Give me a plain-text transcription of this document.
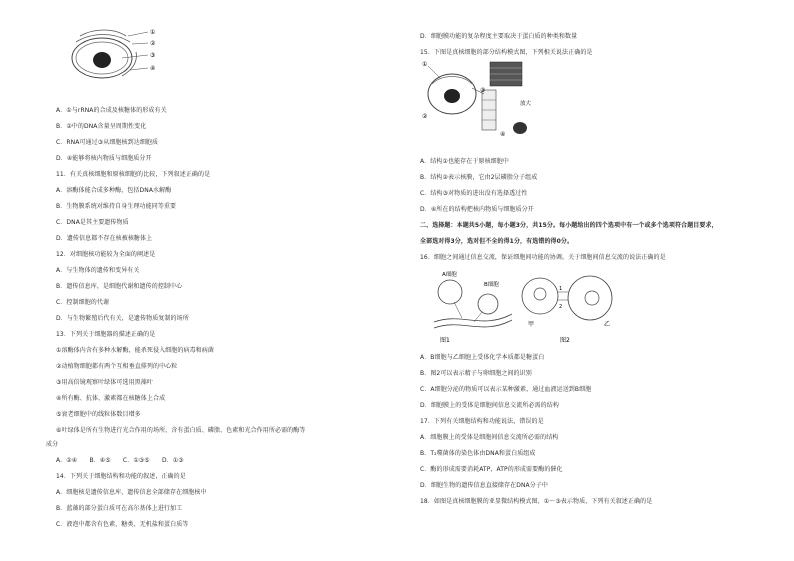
①
②
③
④
A．①与rRNA的合成及核糖体的形成有关
B．②中的DNA含量呈周期性变化
C．RNA可通过③从细胞核到达细胞质
D．④能够将核内物质与细胞质分开
11．有关真核细胞和原核细胞的比较，下列叙述正确的是
A．溶酶体能合成多种酶，包括DNA水解酶
B．生物膜系统对维持自身生理功能同等重要
C．DNA是其主要遗传物质
D．遗传信息都不存在核被核糖体上
12．对细胞核功能较为全面的阐述是
A．与生物体的遗传和变异有关
B．遗传信息库，是细胞代谢和遗传的控制中心
C．控制细胞的代谢
D．与生物繁殖后代有关，是遗传物质复制的场所
13．下列关于细胞器的描述正确的是
①溶酶体内含有多种水解酶，能杀死侵入细胞的病毒和病菌
②动植物细胞都有两个互相垂直排列的中心粒
③用高倍镜观察叶绿体可选用黑藻叶
④所有酶、抗体、激素都在核糖体上合成
⑤衰老细胞中的线粒体数目增多
⑥叶绿体是所有生物进行光合作用的场所，含有蛋白质、磷脂、色素和光合作用所必需的酶等
成分
A．②④　　B．④⑤　　C．①③⑤　　D．①③
14．下列关于细胞结构和功能的叙述，正确的是
A．细胞核是遗传信息库，遗传信息全部储存在细胞核中
B．蓝藻的部分蛋白质可在高尔基体上进行加工
C．液泡中都含有色素、糖类、无机盐和蛋白质等
D．细胞膜功能的复杂程度主要取决于蛋白质的种类和数量
15．下图是真核细胞的部分结构模式图，下列相关说法正确的是
①
②
放大
③
④
A．结构①也能存在于原核细胞中
B．结构②表示核膜，它由2层磷脂分子组成
C．结构③对物质的进出没有选择透过性
D．④所在的结构把核内物质与细胞质分开
二、选择题：本题共5小题，每小题3分，共15分。每小题给出的四个选项中有一个或多个选项符合题目要求，
全部选对得3分，选对但不全的得1分，有选错的得0分。
16．细胞之间通过信息交流，保证细胞间功能的协调。关于细胞间信息交流的说法正确的是
A细胞
B细胞
图1
1
2
甲	乙
图2
A．B细胞与乙细胞上受体化学本质都是糖蛋白
B．图2可以表示精子与卵细胞之间的识别
C．A细胞分泌的物质可以表示某种激素，通过血液运送到B细胞
D．细胞膜上的受体是细胞间信息交流所必需的结构
17．下列有关细胞结构和功能说法，错误的是
A．细胞膜上的受体是细胞间信息交流所必需的结构
B．T₂噬菌体的染色体由DNA和蛋白质组成
C．酶的形成需要消耗ATP，ATP的形成需要酶的催化
D．细胞生物的遗传信息直接储存在DNA分子中
18．如图是真核细胞膜的亚显微结构模式图，①～③表示物质，下列有关叙述正确的是
